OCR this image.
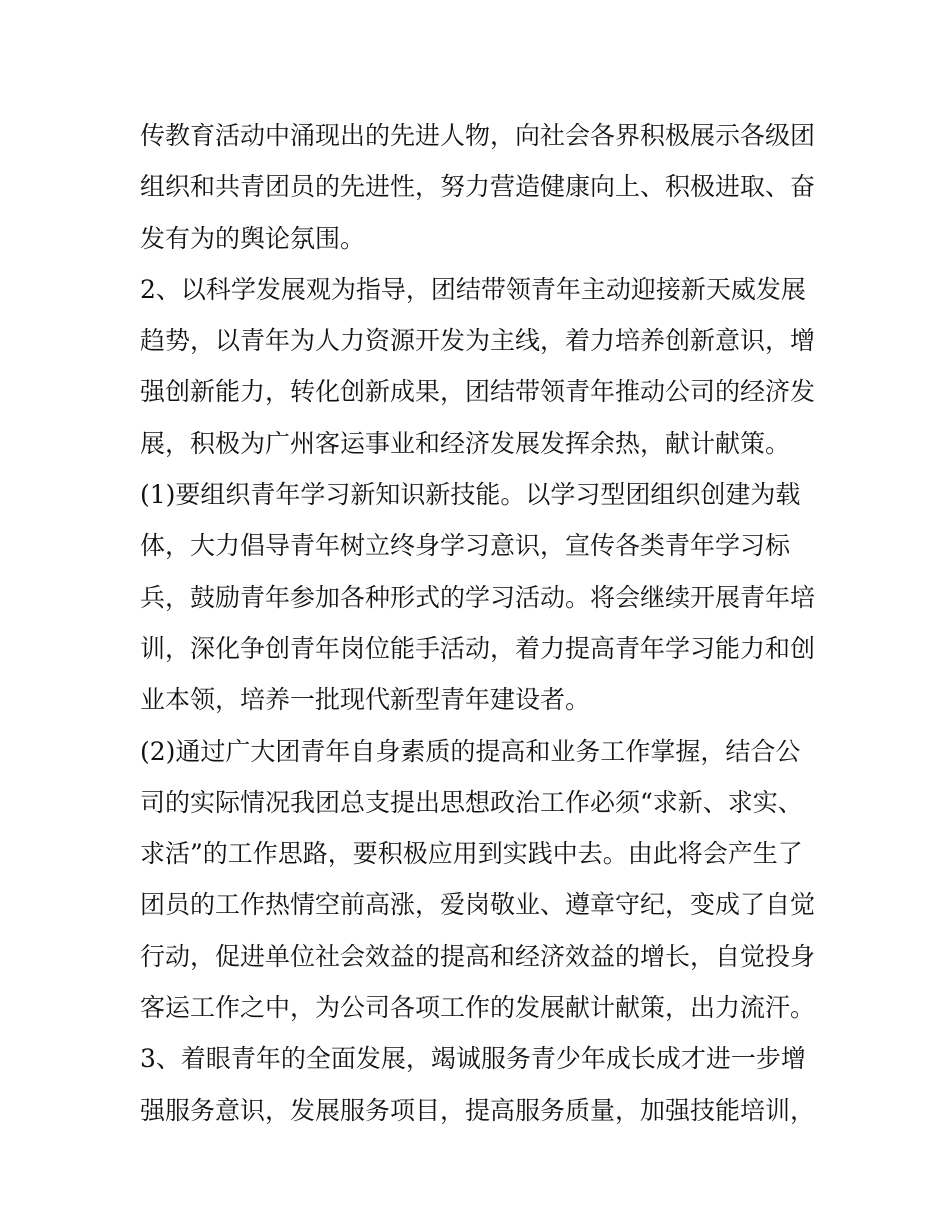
传教育活动中涌现出的先进人物，向社会各界积极展示各级团
组织和共青团员的先进性，努力营造健康向上、积极进取、奋
发有为的舆论氛围。
2、以科学发展观为指导，团结带领青年主动迎接新天威发展
趋势，以青年为人力资源开发为主线，着力培养创新意识，增
强创新能力，转化创新成果，团结带领青年推动公司的经济发
展，积极为广州客运事业和经济发展发挥余热，献计献策。
(1)要组织青年学习新知识新技能。以学习型团组织创建为载
体，大力倡导青年树立终身学习意识，宣传各类青年学习标
兵，鼓励青年参加各种形式的学习活动。将会继续开展青年培
训，深化争创青年岗位能手活动，着力提高青年学习能力和创
业本领，培养一批现代新型青年建设者。
(2)通过广大团青年自身素质的提高和业务工作掌握，结合公
司的实际情况我团总支提出思想政治工作必须“求新、求实、
求活”的工作思路，要积极应用到实践中去。由此将会产生了
团员的工作热情空前高涨，爱岗敬业、遵章守纪，变成了自觉
行动，促进单位社会效益的提高和经济效益的增长，自觉投身
客运工作之中，为公司各项工作的发展献计献策，出力流汗。
3、着眼青年的全面发展，竭诚服务青少年成长成才进一步增
强服务意识，发展服务项目，提高服务质量，加强技能培训，
